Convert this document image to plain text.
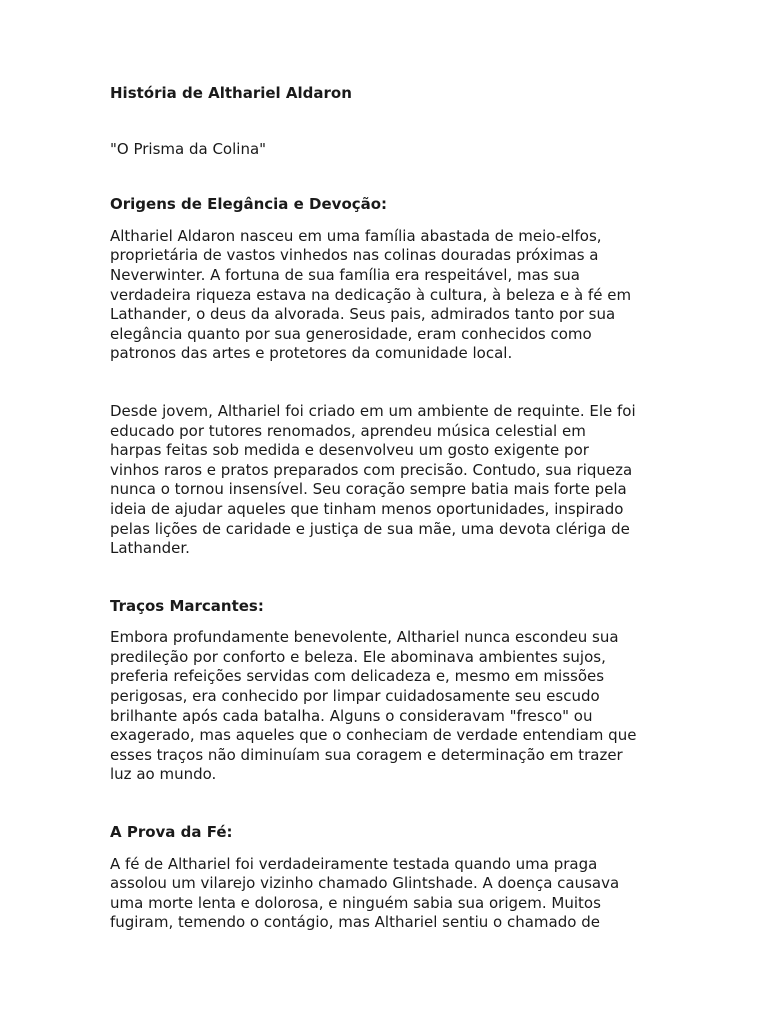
História de Althariel Aldaron

"O Prisma da Colina"

Origens de Elegância e Devoção:

Althariel Aldaron nasceu em uma família abastada de meio-elfos,
proprietária de vastos vinhedos nas colinas douradas próximas a
Neverwinter. A fortuna de sua família era respeitável, mas sua
verdadeira riqueza estava na dedicação à cultura, à beleza e à fé em
Lathander, o deus da alvorada. Seus pais, admirados tanto por sua
elegância quanto por sua generosidade, eram conhecidos como
patronos das artes e protetores da comunidade local.

Desde jovem, Althariel foi criado em um ambiente de requinte. Ele foi
educado por tutores renomados, aprendeu música celestial em
harpas feitas sob medida e desenvolveu um gosto exigente por
vinhos raros e pratos preparados com precisão. Contudo, sua riqueza
nunca o tornou insensível. Seu coração sempre batia mais forte pela
ideia de ajudar aqueles que tinham menos oportunidades, inspirado
pelas lições de caridade e justiça de sua mãe, uma devota clériga de
Lathander.

Traços Marcantes:

Embora profundamente benevolente, Althariel nunca escondeu sua
predileção por conforto e beleza. Ele abominava ambientes sujos,
preferia refeições servidas com delicadeza e, mesmo em missões
perigosas, era conhecido por limpar cuidadosamente seu escudo
brilhante após cada batalha. Alguns o consideravam "fresco" ou
exagerado, mas aqueles que o conheciam de verdade entendiam que
esses traços não diminuíam sua coragem e determinação em trazer
luz ao mundo.

A Prova da Fé:

A fé de Althariel foi verdadeiramente testada quando uma praga
assolou um vilarejo vizinho chamado Glintshade. A doença causava
uma morte lenta e dolorosa, e ninguém sabia sua origem. Muitos
fugiram, temendo o contágio, mas Althariel sentiu o chamado de
